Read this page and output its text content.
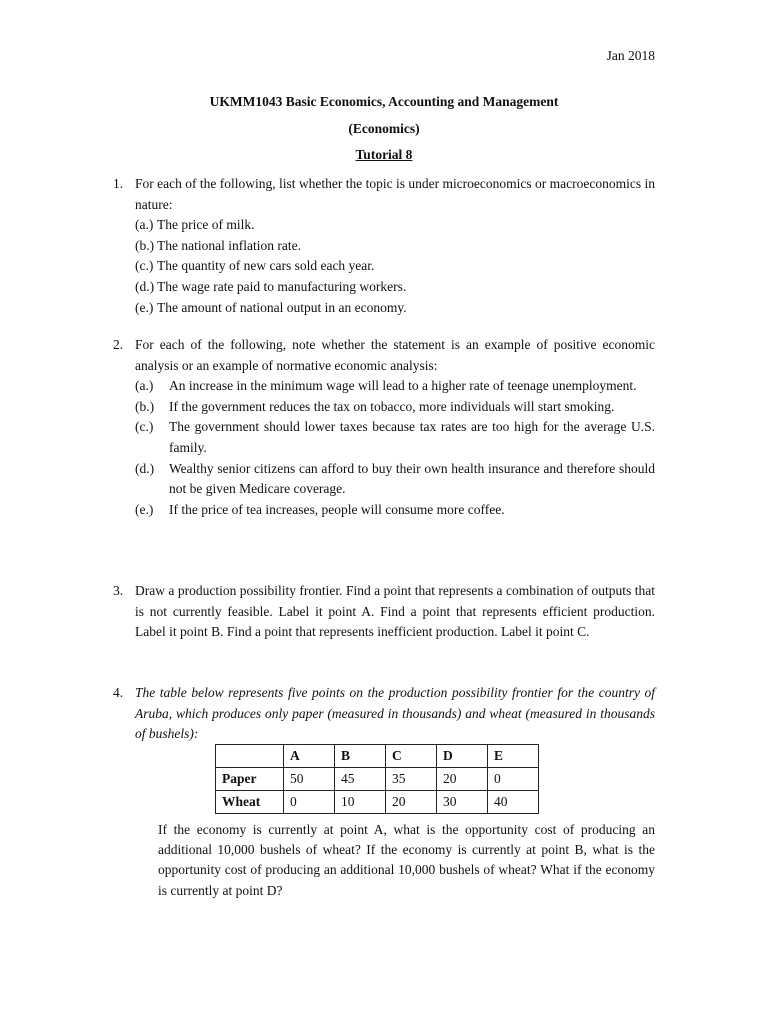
Jan 2018
UKMM1043 Basic Economics, Accounting and Management
(Economics)
Tutorial 8
1. For each of the following, list whether the topic is under microeconomics or macroeconomics in nature:
(a.) The price of milk.
(b.) The national inflation rate.
(c.) The quantity of new cars sold each year.
(d.) The wage rate paid to manufacturing workers.
(e.) The amount of national output in an economy.
2. For each of the following, note whether the statement is an example of positive economic analysis or an example of normative economic analysis:
(a.) An increase in the minimum wage will lead to a higher rate of teenage unemployment.
(b.) If the government reduces the tax on tobacco, more individuals will start smoking.
(c.) The government should lower taxes because tax rates are too high for the average U.S. family.
(d.) Wealthy senior citizens can afford to buy their own health insurance and therefore should not be given Medicare coverage.
(e.) If the price of tea increases, people will consume more coffee.
3. Draw a production possibility frontier. Find a point that represents a combination of outputs that is not currently feasible. Label it point A. Find a point that represents efficient production. Label it point B. Find a point that represents inefficient production. Label it point C.
4. The table below represents five points on the production possibility frontier for the country of Aruba, which produces only paper (measured in thousands) and wheat (measured in thousands of bushels):
	A	B	C	D	E
Paper	50	45	35	20	0
Wheat	0	10	20	30	40
If the economy is currently at point A, what is the opportunity cost of producing an additional 10,000 bushels of wheat? If the economy is currently at point B, what is the opportunity cost of producing an additional 10,000 bushels of wheat? What if the economy is currently at point D?
